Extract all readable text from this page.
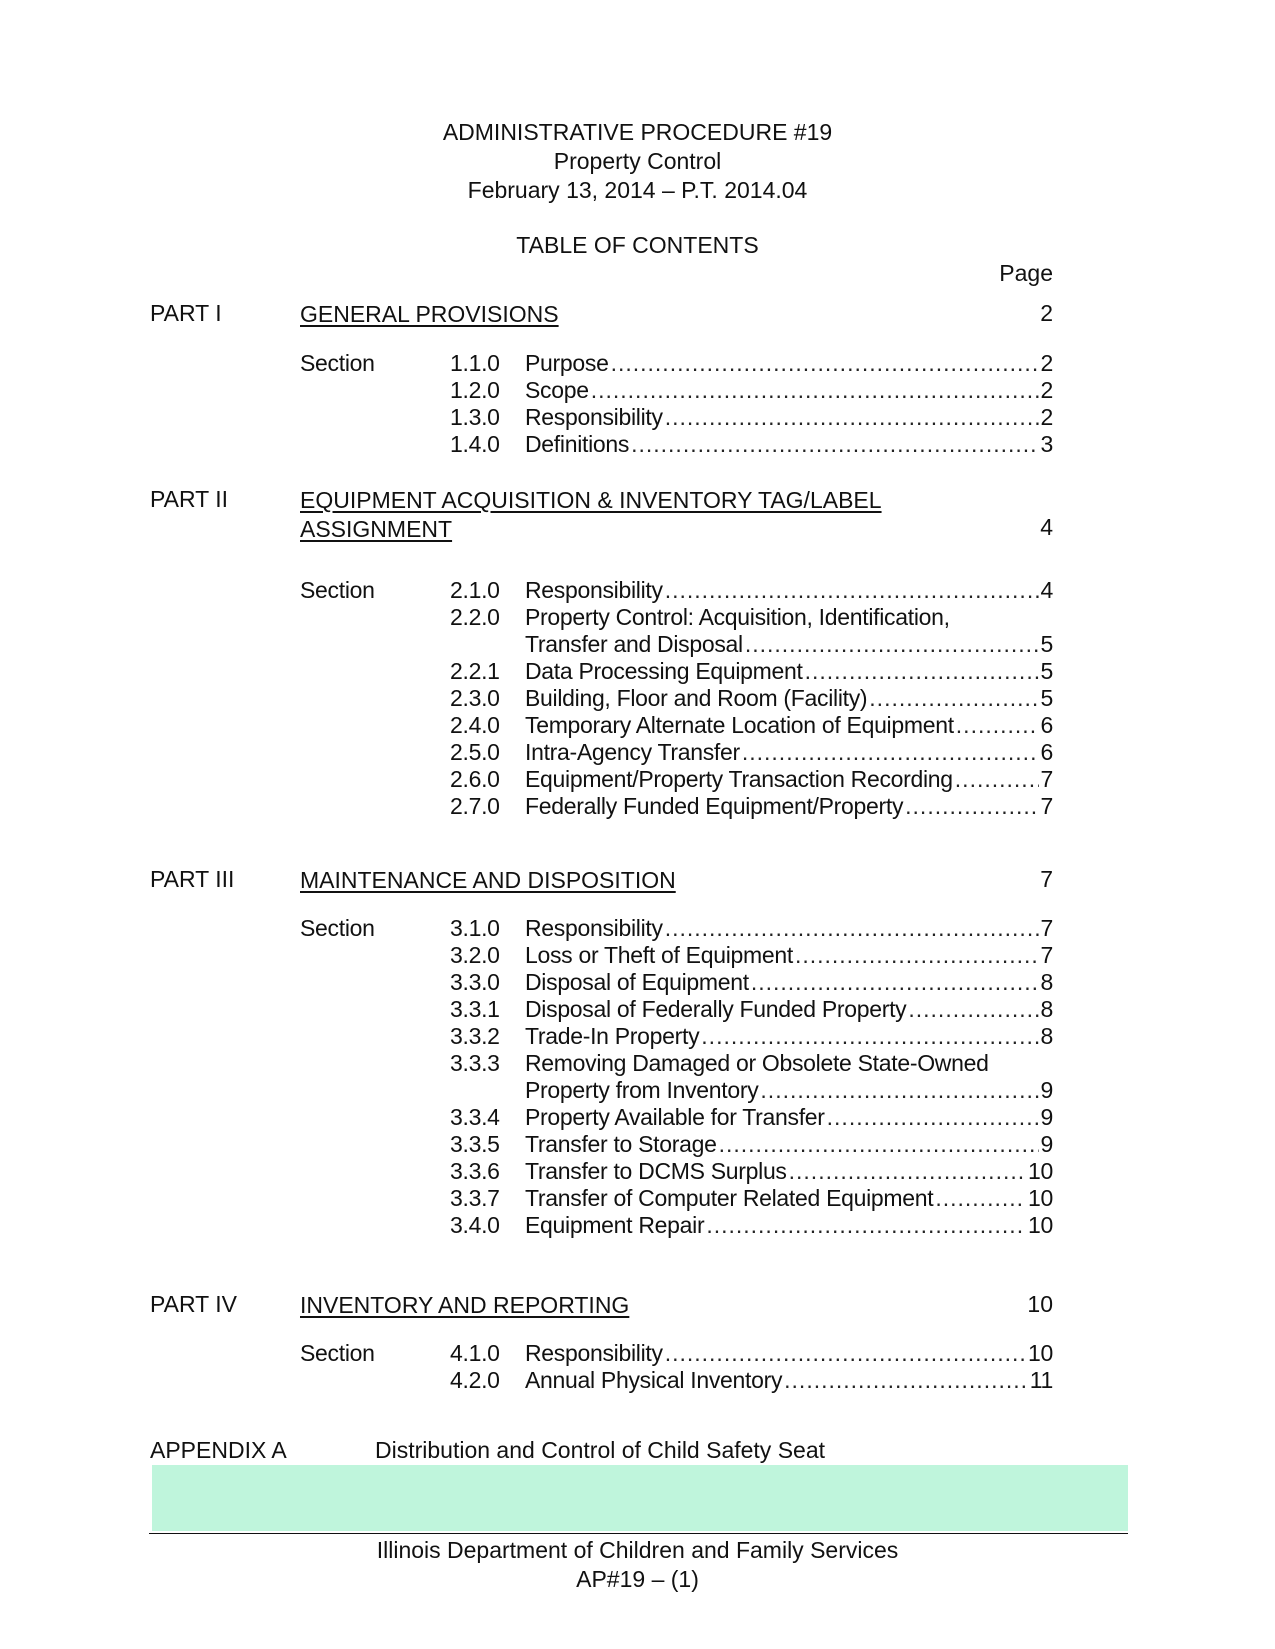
ADMINISTRATIVE PROCEDURE #19
Property Control
February 13, 2014 – P.T. 2014.04
TABLE OF CONTENTS
Page
PART I	GENERAL PROVISIONS	2
Section	1.1.0 Purpose .....	2
1.2.0 Scope .....	2
1.3.0 Responsibility .....	2
1.4.0 Definitions .....	3
PART II	EQUIPMENT ACQUISITION & INVENTORY TAG/LABEL
ASSIGNMENT	4
Section	2.1.0 Responsibility .....	4
2.2.0 Property Control: Acquisition, Identification,
Transfer and Disposal .....	5
2.2.1 Data Processing Equipment .....	5
2.3.0 Building, Floor and Room (Facility) .....	5
2.4.0 Temporary Alternate Location of Equipment .....	6
2.5.0 Intra-Agency Transfer .....	6
2.6.0 Equipment/Property Transaction Recording .....	7
2.7.0 Federally Funded Equipment/Property .....	7
PART III	MAINTENANCE AND DISPOSITION	7
Section	3.1.0 Responsibility .....	7
3.2.0 Loss or Theft of Equipment .....	7
3.3.0 Disposal of Equipment .....	8
3.3.1 Disposal of Federally Funded Property .....	8
3.3.2 Trade-In Property .....	8
3.3.3 Removing Damaged or Obsolete State-Owned
Property from Inventory .....	9
3.3.4 Property Available for Transfer .....	9
3.3.5 Transfer to Storage .....	9
3.3.6 Transfer to DCMS Surplus .....	10
3.3.7 Transfer of Computer Related Equipment .....	10
3.4.0 Equipment Repair .....	10
PART IV	INVENTORY AND REPORTING	10
Section	4.1.0 Responsibility .....	10
4.2.0 Annual Physical Inventory .....	11
APPENDIX A	Distribution and Control of Child Safety Seat
Illinois Department of Children and Family Services
AP#19 – (1)
